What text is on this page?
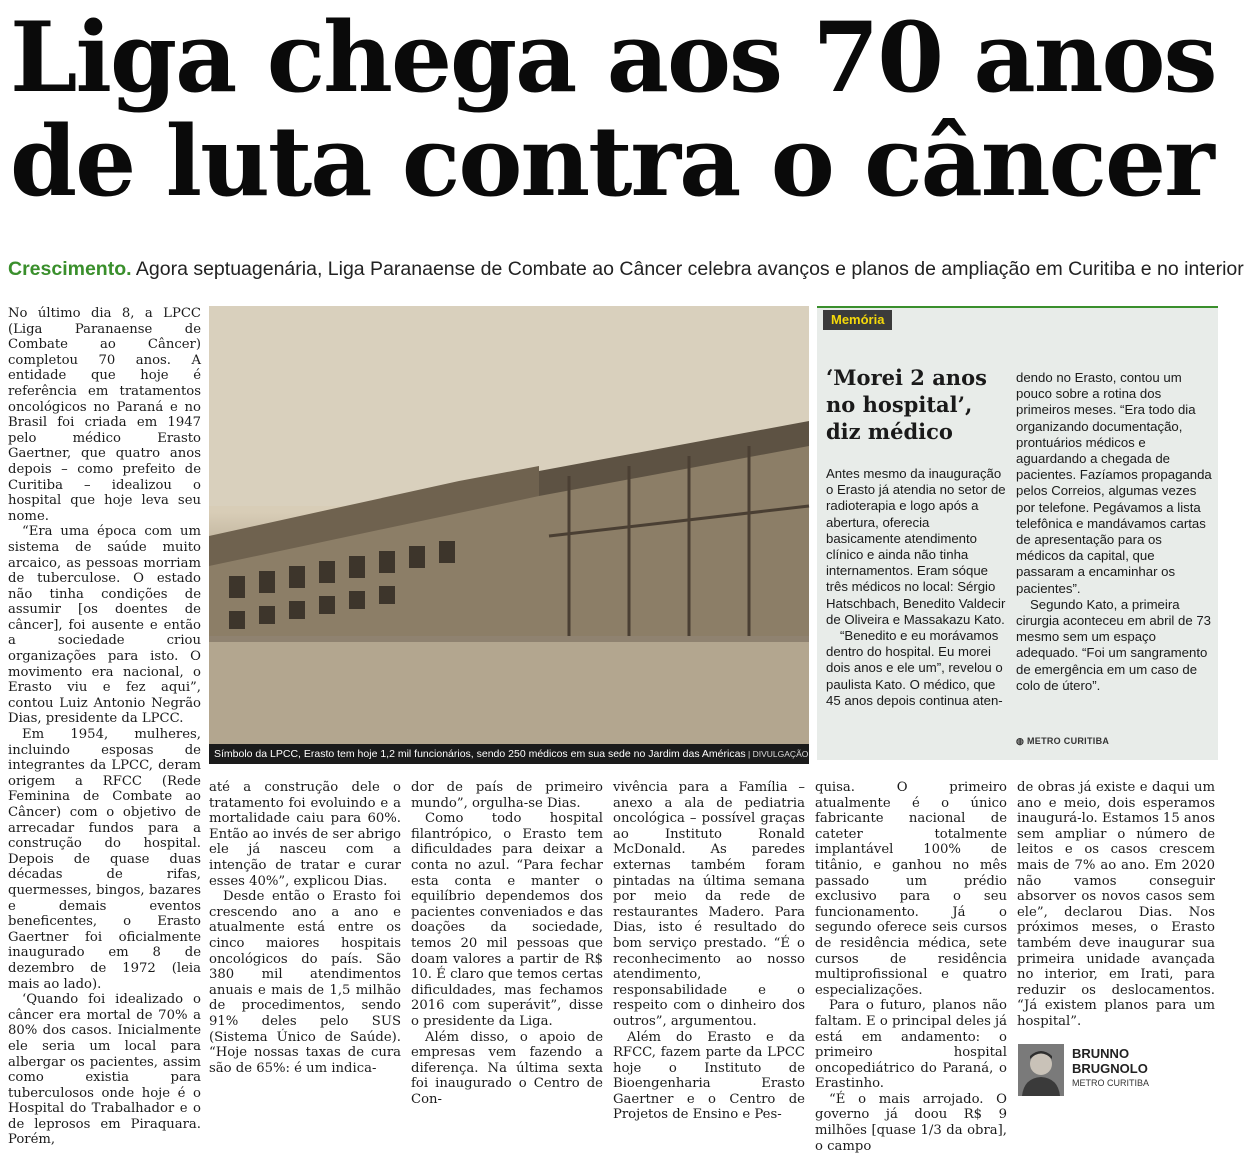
Liga chega aos 70 anos
de luta contra o câncer
Crescimento. Agora septuagenária, Liga Paranaense de Combate ao Câncer celebra avanços e planos de ampliação em Curitiba e no interior

No último dia 8, a LPCC (Liga Paranaense de Combate ao Câncer) completou 70 anos. A entidade que hoje é referência em tratamentos oncológicos no Paraná e no Brasil foi criada em 1947 pelo médico Erasto Gaertner, que quatro anos depois – como prefeito de Curitiba – idealizou o hospital que hoje leva seu nome.

“Era uma época com um sistema de saúde muito arcaico, as pessoas morriam de tuberculose. O estado não tinha condições de assumir [os doentes de câncer], foi ausente e então a sociedade criou organizações para isto. O movimento era nacional, o Erasto viu e fez aqui”, contou Luiz Antonio Negrão Dias, presidente da LPCC.

Em 1954, mulheres, incluindo esposas de integrantes da LPCC, deram origem a RFCC (Rede Feminina de Combate ao Câncer) com o objetivo de arrecadar fundos para a construção do hospital. Depois de quase duas décadas de rifas, quermesses, bingos, bazares e demais eventos beneficentes, o Erasto Gaertner foi oficialmente inaugurado em 8 de dezembro de 1972 (leia mais ao lado).

‘Quando foi idealizado o câncer era mortal de 70% a 80% dos casos. Inicialmente ele seria um local para albergar os pacientes, assim como existia para tuberculosos onde hoje é o Hospital do Trabalhador e o de leprosos em Piraquara. Porém,

Símbolo da LPCC, Erasto tem hoje 1,2 mil funcionários, sendo 250 médicos em sua sede no Jardim das Américas | DIVULGAÇÃO
Memória
‘Morei 2 anos no hospital’, diz médico

Antes mesmo da inauguração o Erasto já atendia no setor de radioterapia e logo após a abertura, oferecia basicamente atendimento clínico e ainda não tinha internamentos. Eram sóque três médicos no local: Sérgio Hatschbach, Benedito Valdecir de Oliveira e Massakazu Kato.

“Benedito e eu morávamos dentro do hospital. Eu morei dois anos e ele um”, revelou o paulista Kato. O médico, que 45 anos depois continua aten-

dendo no Erasto, contou um pouco sobre a rotina dos primeiros meses. “Era todo dia organizando documentação, prontuários médicos e aguardando a chegada de pacientes. Fazíamos propaganda pelos Correios, algumas vezes por telefone. Pegávamos a lista telefônica e mandávamos cartas de apresentação para os médicos da capital, que passaram a encaminhar os pacientes”.

Segundo Kato, a primeira cirurgia aconteceu em abril de 73 mesmo sem um espaço adequado. “Foi um sangramento de emergência em um caso de colo de útero”.

◍ METRO CURITIBA

até a construção dele o tratamento foi evoluindo e a mortalidade caiu para 60%. Então ao invés de ser abrigo ele já nasceu com a intenção de tratar e curar esses 40%”, explicou Dias.

Desde então o Erasto foi crescendo ano a ano e atualmente está entre os cinco maiores hospitais oncológicos do país. São 380 mil atendimentos anuais e mais de 1,5 milhão de procedimentos, sendo 91% deles pelo SUS (Sistema Único de Saúde). “Hoje nossas taxas de cura são de 65%: é um indica-

dor de país de primeiro mundo”, orgulha-se Dias.

Como todo hospital filantrópico, o Erasto tem dificuldades para deixar a conta no azul. “Para fechar esta conta e manter o equilíbrio dependemos dos pacientes conveniados e das doações da sociedade, temos 20 mil pessoas que doam valores a partir de R$ 10. É claro que temos certas dificuldades, mas fechamos 2016 com superávit”, disse o presidente da Liga.

Além disso, o apoio de empresas vem fazendo a diferença. Na última sexta foi inaugurado o Centro de Con-

vivência para a Família – anexo a ala de pediatria oncológica – possível graças ao Instituto Ronald McDonald. As paredes externas também foram pintadas na última semana por meio da rede de restaurantes Madero. Para Dias, isto é resultado do bom serviço prestado. “É o reconhecimento ao nosso atendimento, responsabilidade e o respeito com o dinheiro dos outros”, argumentou.

Além do Erasto e da RFCC, fazem parte da LPCC hoje o Instituto de Bioengenharia Erasto Gaertner e o Centro de Projetos de Ensino e Pes-

quisa. O primeiro atualmente é o único fabricante nacional de cateter totalmente implantável 100% de titânio, e ganhou no mês passado um prédio exclusivo para o seu funcionamento. Já o segundo oferece seis cursos de residência médica, sete cursos de residência multiprofissional e quatro especializações.

Para o futuro, planos não faltam. E o principal deles já está em andamento: o primeiro hospital oncopediátrico do Paraná, o Erastinho.

“É o mais arrojado. O governo já doou R$ 9 milhões [quase 1/3 da obra], o campo

de obras já existe e daqui um ano e meio, dois esperamos inaugurá-lo. Estamos 15 anos sem ampliar o número de leitos e os casos crescem mais de 7% ao ano. Em 2020 não vamos conseguir absorver os novos casos sem ele”, declarou Dias. Nos próximos meses, o Erasto também deve inaugurar sua primeira unidade avançada no interior, em Irati, para reduzir os deslocamentos. “Já existem planos para um hospital”.

BRUNNO BRUGNOLO
METRO CURITIBA
